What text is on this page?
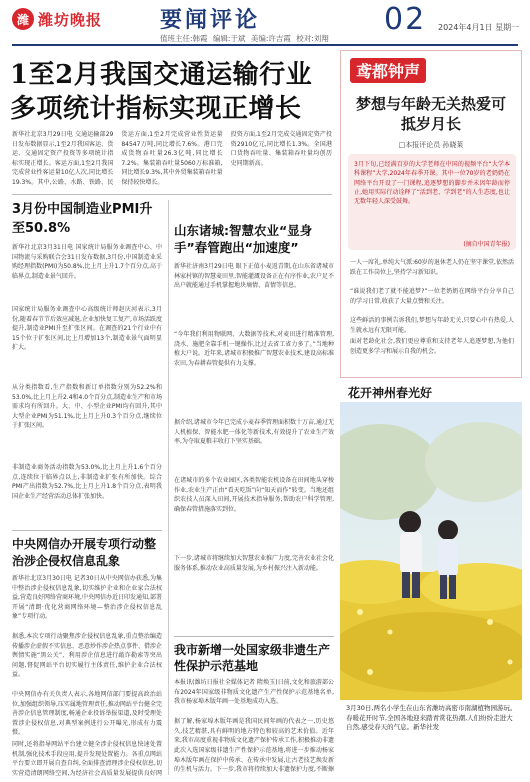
潍 潍坊晚报	要闻评论	02 2024年4月1日 星期一
值班主任:韩霞 编辑:于斌 美编:许吉霞 校对:刘翔
1至2月我国交通运输行业多项统计指标实现正增长

新华社北京3月29日电 交通运输部29日发布数据显示,1至2月我国客运、货运、交通固定资产投资等多项统计指标实现正增长。客运方面,1至2月我国完成营业性客运量10亿人次,同比增长19.3%。其中,公路、水路、铁路、民

货运方面,1至2月完成营业性货运量84547万吨,同比增长7.6%。港口完成货物吞吐量26.3亿吨,同比增长7.2%。集装箱吞吐量5060万标准箱,同比增长9.3%,其中外贸集装箱吞吐量保持较快增长。

投资方面,1至2月完成交通固定资产投资2910亿元,同比增长1.3%。全国港口货物吞吐量、集装箱吞吐量均创历史同期新高。

3月份中国制造业PMI升至50.8%

新华社北京3月31日电 国家统计局服务业调查中心、中国物流与采购联合会31日发布数据,3月份,中国制造业采购经理指数(PMI)为50.8%,比上月上升1.7个百分点,高于临界点,制造业景气回升。

国家统计局服务业调查中心高级统计师赵庆河表示,3月份,随着春节节后效应减退,企业加快复工复产,市场活跃度提升,制造业PMI升至扩张区间。在调查的21个行业中有15个位于扩张区间,比上月增加13个,制造业景气面明显扩大。

从分类指数看,生产指数和新订单指数分别为52.2%和53.0%,比上月上升2.4和4.0个百分点,制造业生产和市场需求均有所回升。大、中、小型企业PMI均有回升,其中大型企业PMI为51.1%,比上月上升0.3个百分点,继续位于扩张区间。

非制造业商务活动指数为53.0%,比上月上升1.6个百分点,连续位于临界点以上,非制造业扩张有所加快。综合PMI产出指数为52.7%,比上月上升1.8个百分点,表明我国企业生产经营活动总体扩张加快。

中央网信办开展专项行动整治涉企侵权信息乱象

新华社北京3月30日电 记者30日从中央网信办获悉,为集中整治涉企侵权信息乱象,切实维护企业和企业家合法权益,营造良好网络营商环境,中央网信办近日印发通知,部署开展“清朗·优化营商网络环境—整治涉企侵权信息乱象”专项行动。

据悉,本次专项行动聚焦涉企侵权信息乱象,重点整治编造传播涉企虚假不实信息、恶意炒作涉企热点事件、借涉企舆情实施“黑公关”、利用涉企信息进行敲诈勒索等突出问题,督促网站平台切实履行主体责任,维护企业合法权益。

中央网信办有关负责人表示,各地网信部门要提高政治站位,加强组织领导,压实属地管理责任,推动网站平台健全完善涉企信息管理制度,畅通企业投诉举报渠道,及时受理处置涉企侵权信息,对典型案例进行公开曝光,形成有力震慑。

同时,还将指导网站平台建立健全涉企侵权信息快速处置机制,强化技术手段应用,提升发现处置能力。各重点网站平台要立即开展自查自纠,全面排查清理涉企侵权信息,切实营造清朗网络空间,为经济社会高质量发展提供良好网

山东诸城:智慧农业“显身手”春管跑出“加速度”

新华社济南3月29日电 眼下正值小麦返青期,在山东省诸城市林家村镇的智慧麦田里,智能灌溉设备正在有序作业,农户足不出户就能通过手机掌握地块墒情、苗情等信息。

“今年我们利用物联网、大数据等技术,对麦田进行精准管理,浇水、施肥全靠手机一键操作,比过去省工省力多了。”当地种植大户说。近年来,诸城市积极推广智慧农业技术,建设高标准农田,为春耕春管提供有力支撑。

据介绍,诸城市今年已完成小麦春季管理面积数十万亩,通过无人机植保、智能水肥一体化等新技术,有效提升了农业生产效率,为夺取夏粮丰收打下坚实基础。

在诸城市的多个农业园区,各类智能农机设备在田间地头穿梭作业,农业生产正由“看天吃饭”向“知天而作”转变。当地还组织农技人员深入田间,开展技术指导服务,帮助农户科学管理,确保春管措施落实到位。

下一步,诸城市将继续加大智慧农业推广力度,完善农业社会化服务体系,推动农业高质量发展,为乡村振兴注入新动能。

我市新增一处国家级非遗生产性保护示范基地

本报讯(潍坊日报社全媒体记者 隋焕玉)日前,文化和旅游部公布2024年国家级非物质文化遗产生产性保护示范基地名单,我市杨家埠木版年画一处基地成功入选。

据了解,杨家埠木版年画是我国民间年画的代表之一,历史悠久,技艺精湛,具有鲜明的地方特色和较高的艺术价值。近年来,我市高度重视非物质文化遗产保护传承工作,积极推动非遗

此次入选国家级非遗生产性保护示范基地,将进一步推动杨家埠木版年画在保护中传承、在传承中发展,让古老技艺焕发新的生机与活力。下一步,我市将持续加大非遗保护力度,不断擦

鸢都钟声
梦想与年龄无关热爱可抵岁月长
□本报评论员 孙晓莱

3月下旬,已经满百岁的大学老师在中国的视频平台“大学本科课程”大学,2024年春季开课。其中一位70岁的老奶奶在网络平台开设了一门课程,追逐梦想的脚步并未因年龄而停止,她用实际行动诠释了“活到老、学到老”的人生态度,也让无数年轻人深受鼓舞。

(摘自中国青年报)

一人一席礼,单纯大气派:60岁的退休老人仍在坚守课堂,依然活跃在工作岗位上,坚持学习新知识。

“谁说我们老了就不能追梦?”一位老奶奶在网络平台分享自己的学习日常,收获了大量点赞和关注。

这些鲜活的事例告诉我们,梦想与年龄无关,只要心中有热爱,人生就永远有无限可能。

面对老龄化社会,我们更应尊重和支持老年人追逐梦想,为他们创造更多学习和展示自我的机会。

花开神州春光好
3月30日,两名小学生在山东省潍坊高密市南湖植物园游玩。春暖花开时节,全国各地迎来踏青赏花热潮,人们纷纷走进大自然,感受春天的气息。新华社发
